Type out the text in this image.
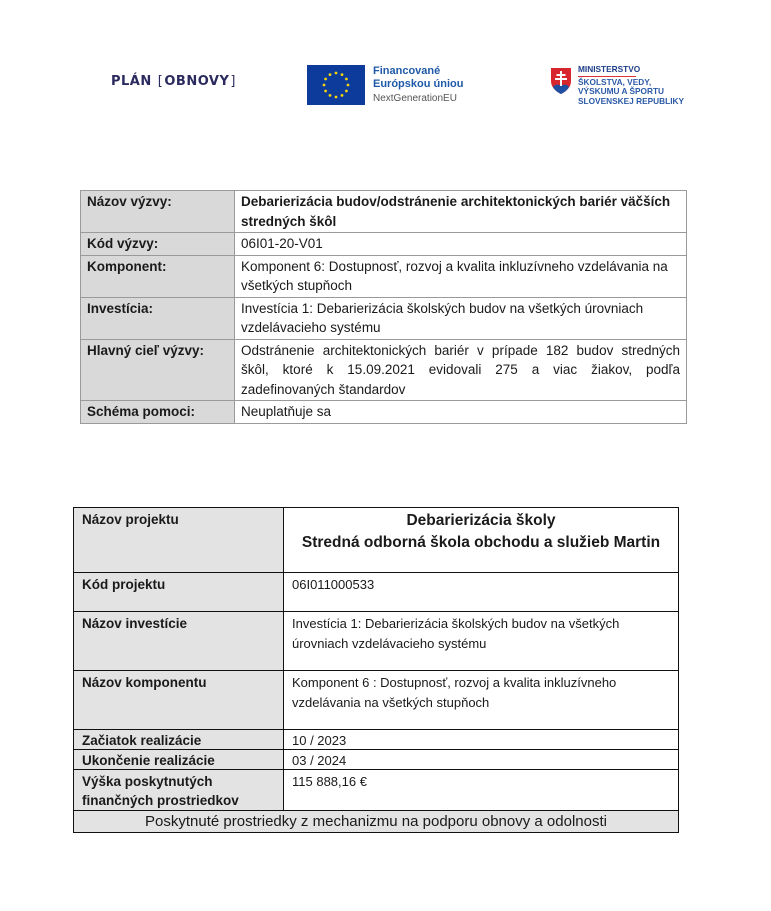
PLÁN [OBNOVY]
Financované
Európskou úniou
NextGenerationEU
MINISTERSTVO
ŠKOLSTVA, VEDY,
VÝSKUMU A ŠPORTU
SLOVENSKEJ REPUBLIKY
Názov výzvy:	Debarierizácia budov/odstránenie architektonických bariér väčších stredných škôl
Kód výzvy:	06I01-20-V01
Komponent:	Komponent 6: Dostupnosť, rozvoj a kvalita inkluzívneho vzdelávania na všetkých stupňoch
Investícia:	Investícia 1: Debarierizácia školských budov na všetkých úrovniach vzdelávacieho systému
Hlavný cieľ výzvy:	Odstránenie architektonických bariér v prípade 182 budov stredných škôl, ktoré k 15.09.2021 evidovali 275 a viac žiakov, podľa zadefinovaných štandardov
Schéma pomoci:	Neuplatňuje sa
Názov projektu	Debarierizácia školy
Stredná odborná škola obchodu a služieb Martin

Kód projektu	06I011000533
Názov investície	Investícia 1: Debarierizácia školských budov na všetkých úrovniach vzdelávacieho systému
Názov komponentu	Komponent 6 : Dostupnosť, rozvoj a kvalita inkluzívneho vzdelávania na všetkých stupňoch
Začiatok realizácie	10 / 2023
Ukončenie realizácie	03 / 2024
Výška poskytnutých finančných prostriedkov	115 888,16 €
Poskytnuté prostriedky z mechanizmu na podporu obnovy a odolnosti	
